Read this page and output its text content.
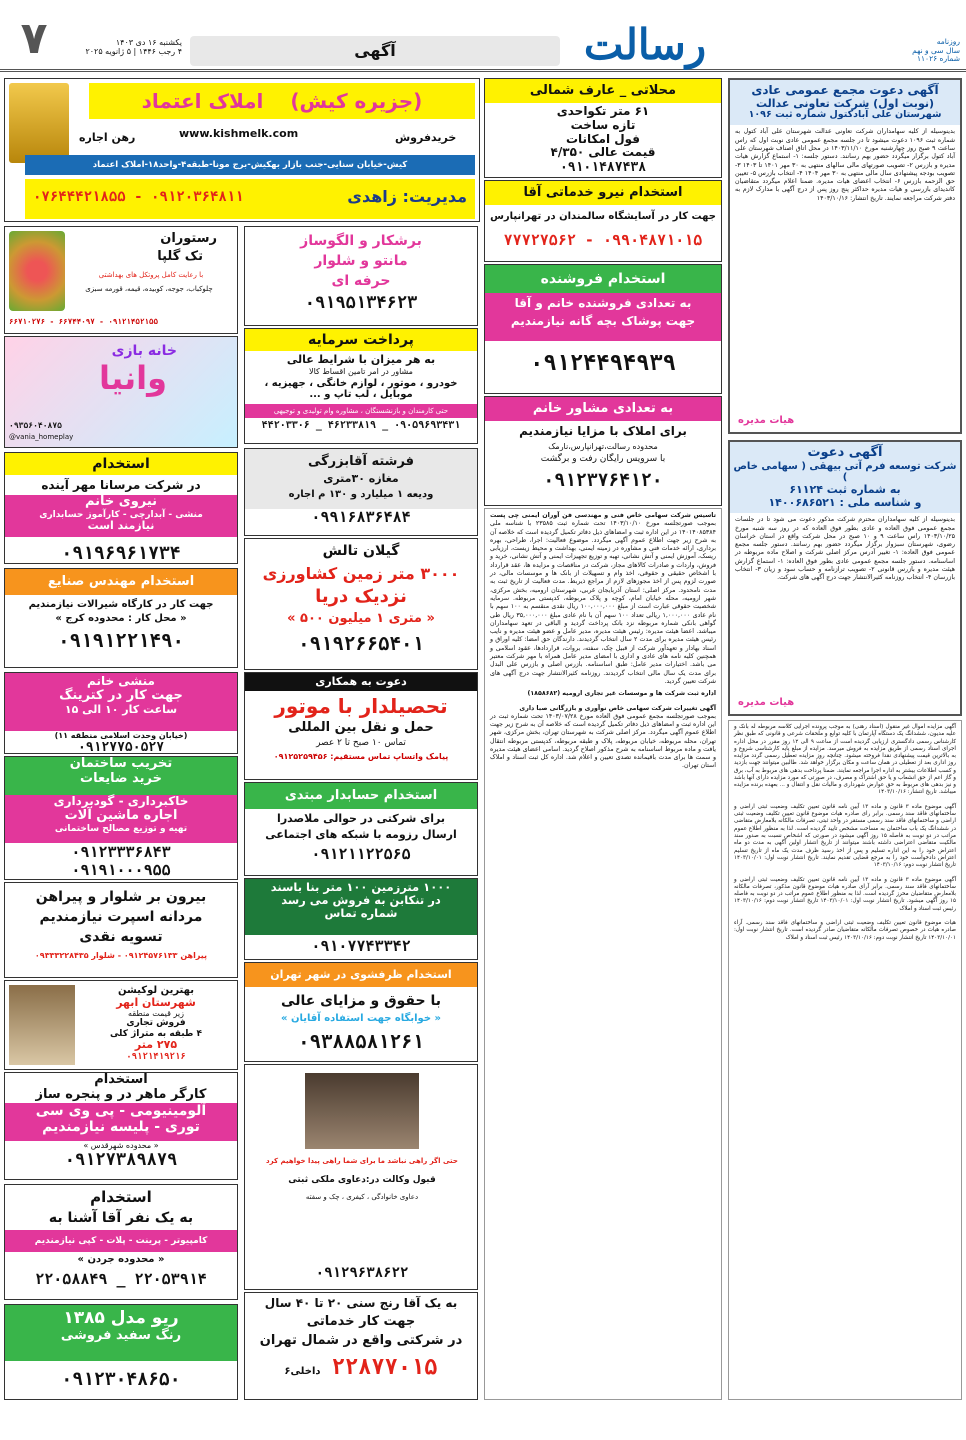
۷	یکشنبه ۱۶ دی ۱۴۰۳
۴ رجب ۱۴۴۶ | ۵ ژانویه ۲۰۲۵	آگهی	رسالت	روزنامه
سال سی و نهم
شماره ۱۱۰۲۶
(جزیره کیش) املاک اعتماد
www.kishmelk.com	خریدفروش
رهن اجاره
کیش-خیابان سنایی-جنب بازار بهکیش-برج مونا-طبقه۴-واحد۱۸-املاک اعتماد
مدیریت: زاهدی
۰۷۶۴۴۴۲۱۸۵۵ - ۰۹۱۲۰۳۶۴۸۱۱
رستوران
تک گلپا
با رعایت کامل پروتکل های بهداشتی
چلوکباب، جوجه، کوبیده، قیمه، قورمه سبزی
۶۶۷۱۰۲۷۶ - ۶۶۷۴۴۰۹۷ - ۰۹۱۲۱۴۵۲۱۵۵
خانه بازی
وانیا
۰۹۳۵۶۰۴۰۸۷۵
@vania_homeplay
استخدام
در شرکت مرسانا مهر آینده
نیروی خانم
منشی - آبدارچی - کارآموز حسابداری
نیازمند است
۰۹۱۹۶۹۶۱۷۳۴
استخدام مهندس صنایع
جهت کار در کارگاه شیرالات نیازمندیم
« محل کار : محدوده کرج »
۰۹۱۹۱۲۲۱۴۹۰
منشی خانم
جهت کار در کترینگ
ساعت کار ۱۰ الی ۱۵
(خیابان وحدت اسلامی منطقه ۱۱)
۰۹۱۲۷۷۵۰۵۲۷
تخریب ساختمان
خرید ضایعات
خاکبرداری - گودبرداری
اجاره ماشین آلات
تهیه و توزیع مصالح ساختمانی
۰۹۱۲۳۳۳۶۸۴۳
۰۹۱۹۱۰۰۰۹۵۵
بیرون بر شلوار و پیراهن
مردانه اسپرت نیازمندیم
تسویه نقدی
پیراهن ۰۹۱۲۴۵۷۶۱۳۳ - شلوار ۰۹۳۳۳۲۲۸۴۳۵
بهترین لوکیشن
شهرستان ابهر
زیر قیمت منطقه
فروش تجاری
۴ طبقه به متراژ کلی
۲۷۵ متر
۰۹۱۲۱۴۱۹۲۱۶
استخدام
کارگر ماهر در و پنجره ساز
آلومینیومی - پی وی سی
توری - پلیسه نیازمندیم
« محدوده شهرقدس »
۰۹۱۲۷۳۸۹۸۷۹
استخدام
به یک نفر آقا آشنا به
کامپیوتر - پرینت - پلات - کپی نیازمندیم
« محدوده جردن »
۲۲۰۵۸۸۴۹ _ ۲۲۰۵۳۹۱۴
ریو مدل ۱۳۸۵
رنگ سفید فروشی
۰۹۱۲۳۰۴۸۶۵۰
برشکار و الگوساز
مانتو و شلوار
حرفه ای
۰۹۱۹۵۱۳۴۶۲۳
پرداخت سرمایه
به هر میزان با شرایط عالی
مشاور در امر تامین اقساط کالا
خودرو ، موتور ، لوازم خانگی ، جهیزیه ،
موبایل ، لب تاپ و ...
حتی کارمندان و بازنشستگان ، مشاوره وام تولیدی و توجیهی
۴۴۲۰۳۳۰۶ _ ۴۶۲۳۳۸۱۹ _ ۰۹۰۵۹۶۹۳۴۳۱
فرشته آقابزرگی
مغازه ۳۰متری
ودیعه ۱ میلیارد و ۱۳۰ م اجاره
۰۹۹۱۶۸۳۶۴۸۴
گیلان تالش
۳۰۰۰ متر زمین کشاورزی
نزدیک دریا
« متری ۱ میلیون ۵۰۰ »
۰۹۱۹۲۶۶۵۴۰۱
دعوت به همکاری
تحصیلدار با موتور
حمل و نقل بین المللی
تماس ۱۰ صبح تا ۲ عصر
پیامک واتساپ تماس مستقیم: ۰۹۱۲۵۲۵۹۴۵۶
استخدام حسابدار مبتدی
برای شرکتی در حوالی ملاصدرا
ارسال رزومه با شبکه های اجتماعی
۰۹۱۲۱۱۲۲۵۶۵
۱۰۰۰ مترزمین ۱۰۰ متر بنا باسند
در تنکابن به فروش می رسد
شماره تماس
۰۹۱۰۷۷۴۳۳۴۲
استخدام ظرفشوی در شهر تهران
با حقوق و مزایای عالی
« خوابگاه جهت استفاده آقایان »
۰۹۳۸۸۵۸۱۲۶۱
حتی اگر راهی نباشد ما برای شما راهی پیدا خواهیم کرد
قبول وکالت در:دعاوی ملکی ثبتی
دعاوی خانوادگی ، کیفری ، چک و سفته
۰۹۱۲۹۶۳۸۶۲۲
به یک آقا رنج سنی ۲۰ تا ۴۰ سال
جهت کار خدماتی
در شرکتی واقع در شمال تهران
۲۲۸۷۷۰۱۵ داخلی۶
محلاتی _ عارف شمالی
۶۱ متر تکواحدی
تازه ساخت
فول امکانات
قیمت عالی ۴/۳۵۰
۰۹۱۰۱۴۸۷۴۳۸
استخدام نیرو خدماتی آقا
جهت کار در آسایشگاه سالمندان در تهرانپارس
۷۷۷۲۷۵۶۲ - ۰۹۹۰۴۸۷۱۰۱۵
استخدام فروشنده
به تعدادی فروشنده خانم و آقا
جهت پوشاک بچه گانه نیازمندیم
۰۹۱۲۴۴۹۴۹۳۹
به تعدادی مشاور خانم
برای املاک با مزایا نیازمندیم
محدوده رسالت،تهرانپارس،نارمک
با سرویس رایگان رفت و برگشت
۰۹۱۲۳۷۶۴۱۲۰
تاسیس شرکت سهامی خاص فنی و مهندسی فن آوران ایمنی چی پست بموجب صورتجلسه مورخ ۱۴۰۳/۱۰/۱۰ تحت شماره ثبت ۲۳۵۸۵ با شناسه ملی ۱۴۰۱۴۰۸۵۳۸۴ در این اداره ثبت و امضاهای ذیل دفاتر تکمیل گردیده است که خلاصه آن به شرح زیر جهت اطلاع عموم آگهی میگردد. موضوع فعالیت: اجرا، طراحی، بهره برداری، ارائه خدمات فنی و مشاوره در زمینه ایمنی، بهداشت و محیط زیست، ارزیابی ریسک، آموزش ایمنی و آتش نشانی، تهیه و توزیع تجهیزات ایمنی و آتش نشانی، خرید و فروش، واردات و صادرات کالاهای مجاز، شرکت در مناقصات و مزایده ها، عقد قرارداد با اشخاص حقیقی و حقوقی، اخذ وام و تسهیلات از بانک ها و موسسات مالی، در صورت لزوم پس از اخذ مجوزهای لازم از مراجع ذیربط. مدت فعالیت از تاریخ ثبت به مدت نامحدود. مرکز اصلی: استان آذربایجان غربی، شهرستان ارومیه، بخش مرکزی، شهر ارومیه، محله خیابان امام، کوچه و پلاک مربوطه، کدپستی مربوطه. سرمایه شخصیت حقوقی عبارت است از مبلغ ۱۰۰,۰۰۰,۰۰۰ ریال نقدی منقسم به ۱۰۰ سهم با نام عادی ۱,۰۰۰,۰۰۰ ریالی تعداد ۱۰۰ سهم آن با نام عادی مبلغ ۳۵,۰۰۰,۰۰۰ ریال طی گواهی بانکی شماره مربوطه نزد بانک پرداخت گردید و الباقی در تعهد سهامداران میباشد. اعضا هیئت مدیره: رئیس هیئت مدیره، مدیر عامل و عضو هیئت مدیره و نایب رئیس هیئت مدیره برای مدت ۲ سال انتخاب گردیدند. دارندگان حق امضا: کلیه اوراق و اسناد بهادار و تعهدآور شرکت از قبیل چک، سفته، بروات، قراردادها، عقود اسلامی و همچنین کلیه نامه های عادی و اداری با امضای مدیر عامل همراه با مهر شرکت معتبر می باشد. اختیارات مدیر عامل: طبق اساسنامه. بازرس اصلی و بازرس علی البدل برای مدت یک سال مالی انتخاب گردیدند. روزنامه کثیرالانتشار جهت درج آگهی های شرکت تعیین گردید.
اداره ثبت شرکت ها و موسسات غیر تجاری ارومیه (۱۸۵۸۶۸۲)
آگهی تغییرات شرکت سهامی خاص نوآوری و بازرگانی صبا داری
بموجب صورتجلسه مجمع عمومی فوق العاده مورخ ۱۴۰۳/۰۷/۲۸ تحت شماره ثبت در این اداره ثبت و امضاهای ذیل دفاتر تکمیل گردیده است که خلاصه آن به شرح زیر جهت اطلاع عموم آگهی میگردد. مرکز اصلی شرکت به شهرستان تهران، بخش مرکزی، شهر تهران، محله مربوطه، خیابان مربوطه، پلاک و طبقه مربوطه، کدپستی مربوطه انتقال یافت و ماده مربوط اساسنامه به شرح مذکور اصلاح گردید. اسامی اعضای هیئت مدیره و سمت ها برای مدت باقیمانده تصدی تعیین و اعلام شد. اداره کل ثبت اسناد و املاک استان تهران.
آگهی دعوت مجمع عمومی عادی
(نوبت اول) شرکت تعاونی عدالت
شهرستان علی آبادکتول شماره ثبت ۱۰۹۶
بدینوسیله از کلیه سهامداران شرکت تعاونی عدالت شهرستان علی آباد کتول به شماره ثبت ۱۰۹۶ دعوت میشود تا در جلسه مجمع عمومی عادی نوبت اول که راس ساعت ۹ صبح روز چهارشنبه مورخ ۱۴۰۳/۱۱/۱۰ در محل اتاق اصناف شهرستان علی آباد کتول برگزار میگردد حضور بهم رسانند. دستور جلسه: ۱- استماع گزارش هیات مدیره و بازرس ۲- تصویب صورتهای مالی سالهای منتهی به ۳۰ مهر ۱۴۰۱ تا ۱۴۰۳ ۳- تصویب بودجه پیشنهادی سال مالی منتهی به ۳۰ مهر ۱۴۰۴ ۴- انتخاب بازرس ۵- تعیین حق الزحمه بازرس ۶- انتخاب اعضای هیات مدیره. ضمنا اعلام میگردد متقاضیان کاندیدای بازرسی و هیات مدیره حداکثر پنج روز پس از درج آگهی با مدارک لازم به دفتر شرکت مراجعه نمایند. تاریخ انتشار: ۱۴۰۳/۱۰/۱۶
هیات مدیره
آگهی دعوت
شرکت توسعه فرم آتی بیهقی ( سهامی خاص )
به شماره ثبت ۶۱۱۲۴
و شناسه ملی : ۱۴۰۰۶۸۶۵۲۱
بدینوسیله از کلیه سهامداران محترم شرکت مذکور دعوت می شود تا در جلسات مجمع عمومی فوق العاده و عادی بطور فوق العاده که در روز سه شنبه مورخ ۱۴۰۳/۱۰/۲۵ راس ساعت ۹ و ۱۰ صبح در محل شرکت واقع در استان خراسان رضوی، شهرستان سبزوار برگزار میگردد حضور بهم رسانند. دستور جلسه مجمع عمومی فوق العاده: ۱- تغییر آدرس مرکز اصلی شرکت و اصلاح ماده مربوطه در اساسنامه. دستور جلسه مجمع عمومی عادی بطور فوق العاده: ۱- استماع گزارش هیئت مدیره و بازرس قانونی ۲- تصویب ترازنامه و حساب سود و زیان ۳- انتخاب بازرسان ۴- انتخاب روزنامه کثیرالانتشار جهت درج آگهی های شرکت.
هیات مدیره
آگهی مزایده اموال غیر منقول (اسناد رهنی) به موجب پرونده اجرایی کلاسه مربوطه له بانک و علیه مدیون، ششدانگ یک دستگاه آپارتمان با کلیه توابع و ملحقات شرعی و قانونی که طبق نظر کارشناس رسمی دادگستری ارزیابی گردیده است از ساعت ۹ الی ۱۲ روز مقرر در محل اداره اجرای اسناد رسمی از طریق مزایده به فروش میرسد. مزایده از مبلغ پایه کارشناسی شروع و به بالاترین قیمت پیشنهادی نقدا فروخته میشود. چنانچه روز مزایده تعطیل رسمی گردد مزایده روز اداری بعد از تعطیلی در همان ساعت و مکان برگزار خواهد شد. طالبین میتوانند جهت بازدید و کسب اطلاعات بیشتر به اداره اجرا مراجعه نمایند. ضمنا پرداخت بدهی های مربوط به آب، برق و گاز اعم از حق انشعاب و یا حق اشتراک و مصرف، در صورتی که مورد مزایده دارای آنها باشد و نیز بدهی های مربوط به حق عوارض شهرداری و مالیات نقل و انتقال و ... بعهده برنده مزایده میباشد. تاریخ انتشار: ۱۴۰۳/۱۰/۱۶

آگهی موضوع ماده ۳ قانون و ماده ۱۳ آیین نامه قانون تعیین تکلیف وضعیت ثبتی اراضی و ساختمانهای فاقد سند رسمی. برابر رای صادره هیات موضوع قانون تعیین تکلیف وضعیت ثبتی اراضی و ساختمانهای فاقد سند رسمی مستقر در واحد ثبتی، تصرفات مالکانه بلامعارض متقاضی در ششدانگ یک باب ساختمان به مساحت مشخص تایید گردیده است. لذا به منظور اطلاع عموم مراتب در دو نوبت به فاصله ۱۵ روز آگهی میشود در صورتی که اشخاص نسبت به صدور سند مالکیت متقاضی اعتراضی داشته باشند میتوانند از تاریخ انتشار اولین آگهی به مدت دو ماه اعتراض خود را به این اداره تسلیم و پس از اخذ رسید ظرف مدت یک ماه از تاریخ تسلیم اعتراض دادخواست خود را به مرجع قضایی تقدیم نمایند. تاریخ انتشار نوبت اول: ۱۴۰۳/۱۰/۰۱ تاریخ انتشار نوبت دوم: ۱۴۰۳/۱۰/۱۶

آگهی موضوع ماده ۳ قانون و ماده ۱۳ آیین نامه قانون تعیین تکلیف وضعیت ثبتی اراضی و ساختمانهای فاقد سند رسمی. برابر آرای صادره هیات موضوع قانون مذکور، تصرفات مالکانه بلامعارض متقاضیان محرز گردیده است. لذا به منظور اطلاع عموم مراتب در دو نوبت به فاصله ۱۵ روز آگهی میشود. تاریخ انتشار نوبت اول: ۱۴۰۳/۱۰/۰۱ تاریخ انتشار نوبت دوم: ۱۴۰۳/۱۰/۱۶ رئیس ثبت اسناد و املاک

هیات موضوع قانون تعیین تکلیف وضعیت ثبتی اراضی و ساختمانهای فاقد سند رسمی. آراء صادره هیات در خصوص تصرفات مالکانه متقاضیان صادر گردیده است. تاریخ انتشار نوبت اول: ۱۴۰۳/۱۰/۰۱ تاریخ انتشار نوبت دوم: ۱۴۰۳/۱۰/۱۶ رئیس ثبت اسناد و املاک
